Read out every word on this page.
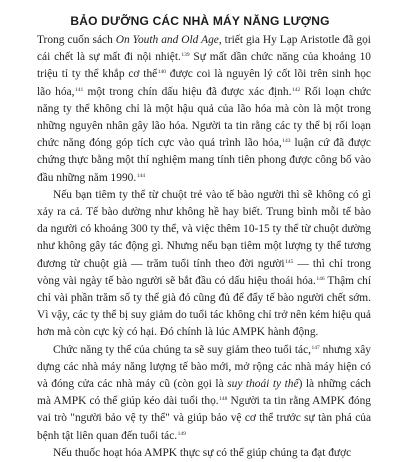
BẢO DƯỠNG CÁC NHÀ MÁY NĂNG LƯỢNG

Trong cuốn sách On Youth and Old Age, triết gia Hy Lạp Aristotle đã gọi cái chết là sự mất đi nội nhiệt.$^{139}$ Sự mất dần chức năng của khoảng 10 triệu tỉ ty thể khắp cơ thể$^{140}$ được coi là nguyên lý cốt lõi trên sinh học lão hóa,$^{141}$ một trong chín dấu hiệu đã được xác định.$^{142}$ Rối loạn chức năng ty thể không chỉ là một hậu quả của lão hóa mà còn là một trong những nguyên nhân gây lão hóa. Người ta tin rằng các ty thể bị rối loạn chức năng đóng góp tích cực vào quá trình lão hóa,$^{143}$ luận cứ đã được chứng thực bằng một thí nghiệm mang tính tiên phong được công bố vào đầu những năm 1990.$^{144}$

Nếu bạn tiêm ty thể từ chuột trẻ vào tế bào người thì sẽ không có gì xảy ra cả. Tế bào dường như không hề hay biết. Trung bình mỗi tế bào da người có khoảng 300 ty thể, và việc thêm 10-15 ty thể từ chuột dường như không gây tác động gì. Nhưng nếu bạn tiêm một lượng ty thể tương đương từ chuột già — trăm tuổi tính theo đời người$^{145}$ — thì chỉ trong vòng vài ngày tế bào người sẽ bắt đầu có dấu hiệu thoái hóa.$^{146}$ Thậm chí chỉ vài phần trăm số ty thể già đó cũng đủ để đẩy tế bào người chết sớm. Vì vậy, các ty thể bị suy giảm do tuổi tác không chỉ trở nên kém hiệu quả hơn mà còn cực kỳ có hại. Đó chính là lúc AMPK hành động.

Chức năng ty thể của chúng ta sẽ suy giảm theo tuổi tác,$^{147}$ nhưng xây dựng các nhà máy năng lượng tế bào mới, mở rộng các nhà máy hiện có và đóng cửa các nhà máy cũ (còn gọi là suy thoái ty thể) là những cách mà AMPK có thể giúp kéo dài tuổi thọ.$^{148}$ Người ta tin rằng AMPK đóng vai trò "người bảo vệ ty thể" và giúp bảo vệ cơ thể trước sự tàn phá của bệnh tật liên quan đến tuổi tác.$^{149}$

Nếu thuốc hoạt hóa AMPK thực sự có thể giúp chúng ta đạt được
